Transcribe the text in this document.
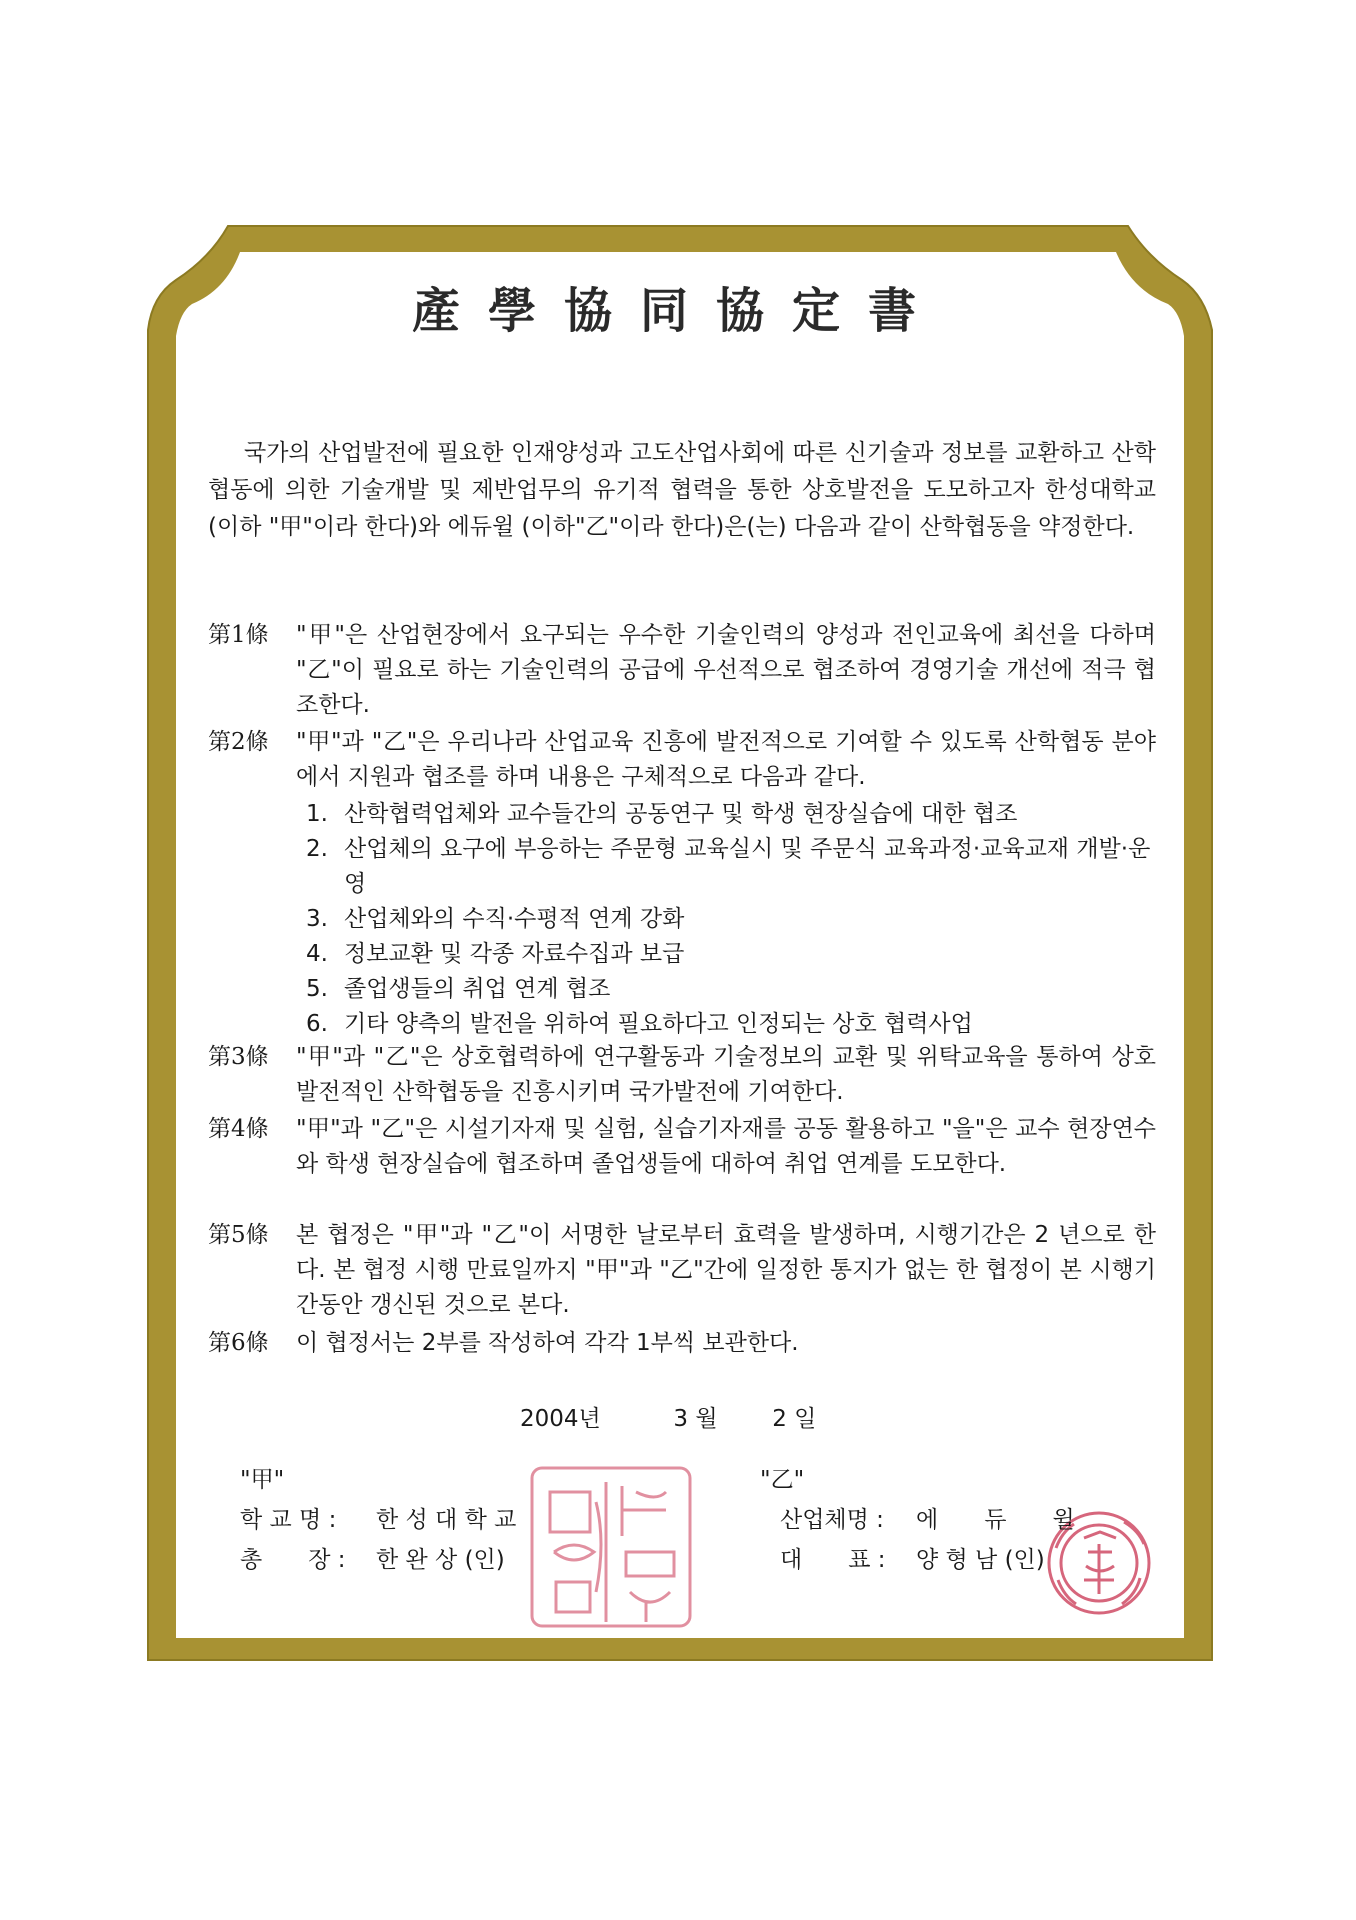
產學協同協定書

국가의 산업발전에 필요한 인재양성과 고도산업사회에 따른 신기술과 정보를 교환하고 산학협동에 의한 기술개발 및 제반업무의 유기적 협력을 통한 상호발전을 도모하고자 한성대학교(이하 "甲"이라 한다)와 에듀윌 (이하"乙"이라 한다)은(는) 다음과 같이 산학협동을 약정한다.

第1條	"甲"은 산업현장에서 요구되는 우수한 기술인력의 양성과 전인교육에 최선을 다하며 "乙"이 필요로 하는 기술인력의 공급에 우선적으로 협조하여 경영기술 개선에 적극 협조한다.
第2條	"甲"과 "乙"은 우리나라 산업교육 진흥에 발전적으로 기여할 수 있도록 산학협동 분야에서 지원과 협조를 하며 내용은 구체적으로 다음과 같다.
1. 산학협력업체와 교수들간의 공동연구 및 학생 현장실습에 대한 협조
2. 산업체의 요구에 부응하는 주문형 교육실시 및 주문식 교육과정·교육교재 개발·운영
3. 산업체와의 수직·수평적 연계 강화
4. 정보교환 및 각종 자료수집과 보급
5. 졸업생들의 취업 연계 협조
6. 기타 양측의 발전을 위하여 필요하다고 인정되는 상호 협력사업
第3條	"甲"과 "乙"은 상호협력하에 연구활동과 기술정보의 교환 및 위탁교육을 통하여 상호 발전적인 산학협동을 진흥시키며 국가발전에 기여한다.
第4條	"甲"과 "乙"은 시설기자재 및 실험, 실습기자재를 공동 활용하고 "을"은 교수 현장연수와 학생 현장실습에 협조하며 졸업생들에 대하여 취업 연계를 도모한다.
第5條	본 협정은 "甲"과 "乙"이 서명한 날로부터 효력을 발생하며, 시행기간은 2 년으로 한다. 본 협정 시행 만료일까지 "甲"과 "乙"간에 일정한 통지가 없는 한 협정이 본 시행기간동안 갱신된 것으로 본다.
第6條	이 협정서는 2부를 작성하여 각각 1부씩 보관한다.
2004년	3 월 2 일
"甲"
학 교 명 :	한 성 대 학 교
총　　장 :	한 완 상 (인)
"乙"
산업체명 :	에　　듀　　윌
대　　표 :	양 형 남 (인)
